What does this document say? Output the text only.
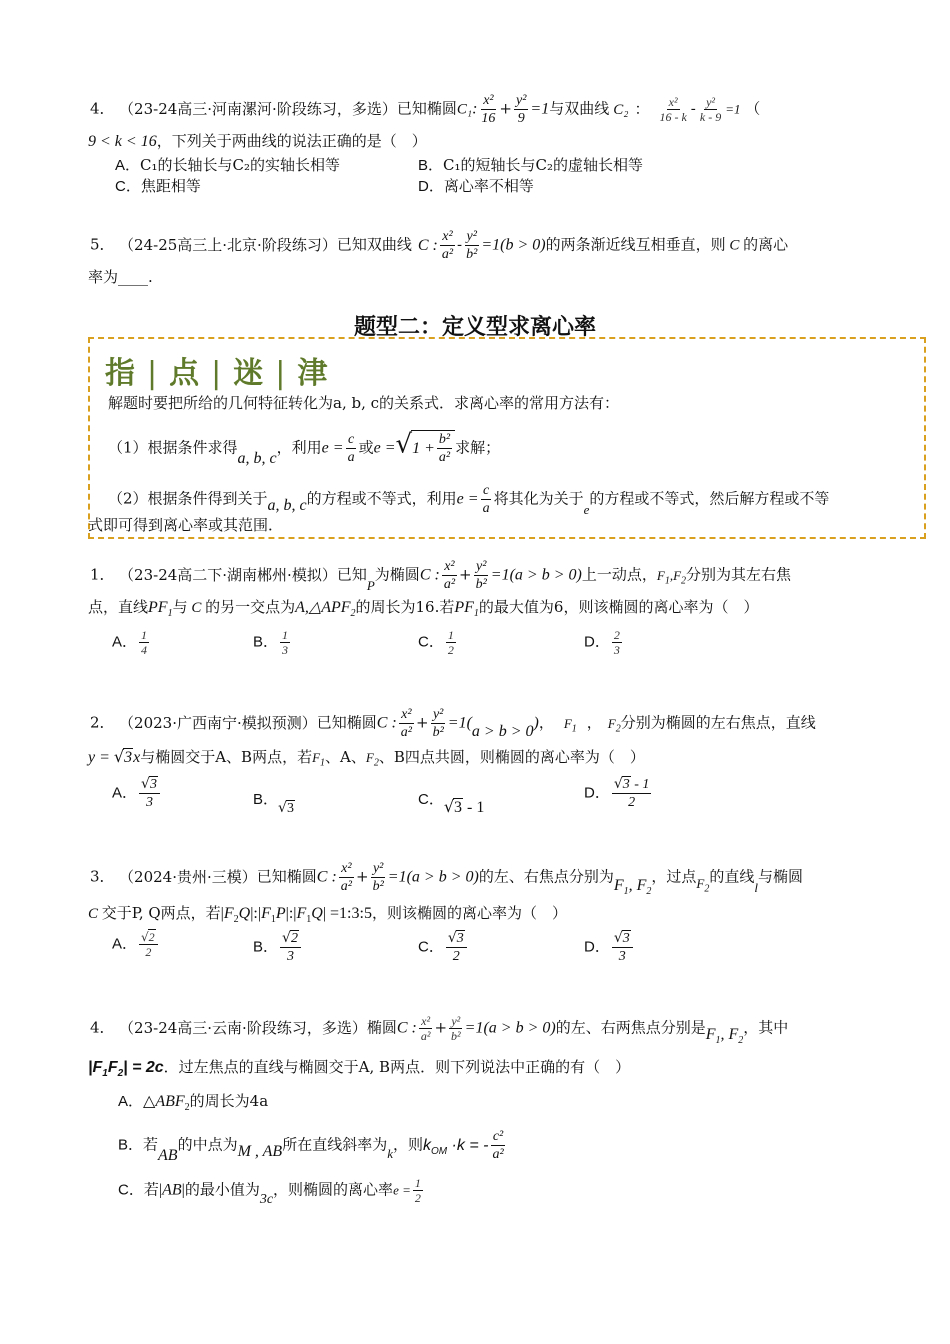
4． （23-24高三·河南漯河·阶段练习，多选）已知椭圆C₁: $\frac{\text{x²}}{16} + \frac{\text{y²}}{9} =1$与双曲线 C₂ ： $\frac{\text{x²}}{16 - k} - \frac{\text{y²}}{k - 9} =1$ （
9 < k < 16，下列关于两曲线的说法正确的是（　）
A．C₁的长轴长与C₂的实轴长相等	B．C₁的短轴长与C₂的虚轴长相等
C．焦距相等	D．离心率不相等
5． （24-25高三上·北京·阶段练习）已知双曲线 C : $\frac{\text{x²}}{\text{a²}} - \frac{\text{y²}}{\text{b²}} =1(b > 0)$的两条渐近线互相垂直，则 C 的离心
率为____.
题型二：定义型求离心率
指 | 点 | 迷 | 津
解题时要把所给的几何特征转化为a, b, c的关系式．求离心率的常用方法有：
（1）根据条件求得a, b, c，利用$e = \frac{c}{a}$ 或e =√ $1 + \frac{\text{b²}}{\text{a²}}$ 求解；
（2）根据条件得到关于a, b, c的方程或不等式，利用$e = \frac{c}{a}$ 将其化为关于e的方程或不等式，然后解方程或不等
式即可得到离心率或其范围．
1． （23-24高二下·湖南郴州·模拟）已知P为椭圆C : $\frac{\text{x²}}{\text{a²}} + \frac{\text{y²}}{\text{b²}} =1(a > b > 0)$上一动点，$F_1,F_2$分别为其左右焦
点，直线$PF_1$与 C 的另一交点为$A,\triangle APF_2$的周长为16.若$PF_1$的最大值为6，则该椭圆的离心率为（　）
A． $\frac{1}{4}$	B． $\frac{1}{3}$	C． $\frac{1}{2}$	D． $\frac{2}{3}$
2． （2023·广西南宁·模拟预测）已知椭圆C : $\frac{\text{x²}}{\text{a²}} + \frac{\text{y²}}{\text{b²}} =1(a > b > 0)$， $F_1$ ， $F_2$分别为椭圆的左右焦点，直线
y = √3x与椭圆交于A、B两点，若$F_1$、A、$F_2$、B四点共圆，则椭圆的离心率为（　）
A． $\frac{√3}{3}$	B．√3
C．√3 - 1
D． $\frac{√3 - 1}{2}$
3． （2024·贵州·三模）已知椭圆C : $\frac{\text{x²}}{\text{a²}} + \frac{\text{y²}}{\text{b²}} =1(a > b > 0)$的左、右焦点分别为$F_1$, $F_2$，过点$F_2$的直线l与椭圆
C 交于P, Q两点，若$|F_2Q|:|F_1P|:|F_1Q|$ =1:3:5，则该椭圆的离心率为（　）
A． $\frac{√2}{2}$	B． $\frac{√2}{3}$	C． $\frac{√3}{2}$	D． $\frac{√3}{3}$
4． （23-24高三·云南·阶段练习，多选）椭圆C : $\frac{\text{x²}}{\text{a²}} + \frac{\text{y²}}{\text{b²}} =1(a > b > 0)$的左、右两焦点分别是$F_1$, $F_2$，其中
$|F_1F_2| = 2c$．过左焦点的直线与椭圆交于A, B两点．则下列说法中正确的有（　）
A．$\triangle ABF_2$的周长为4a
B．若AB的中点为M , AB所在直线斜率为k，则$k_{OM} \cdot k$ = - $\frac{\text{c²}}{\text{a²}}$
C．若|AB|的最小值为3c，则椭圆的离心率$e = \frac{1}{2}$
